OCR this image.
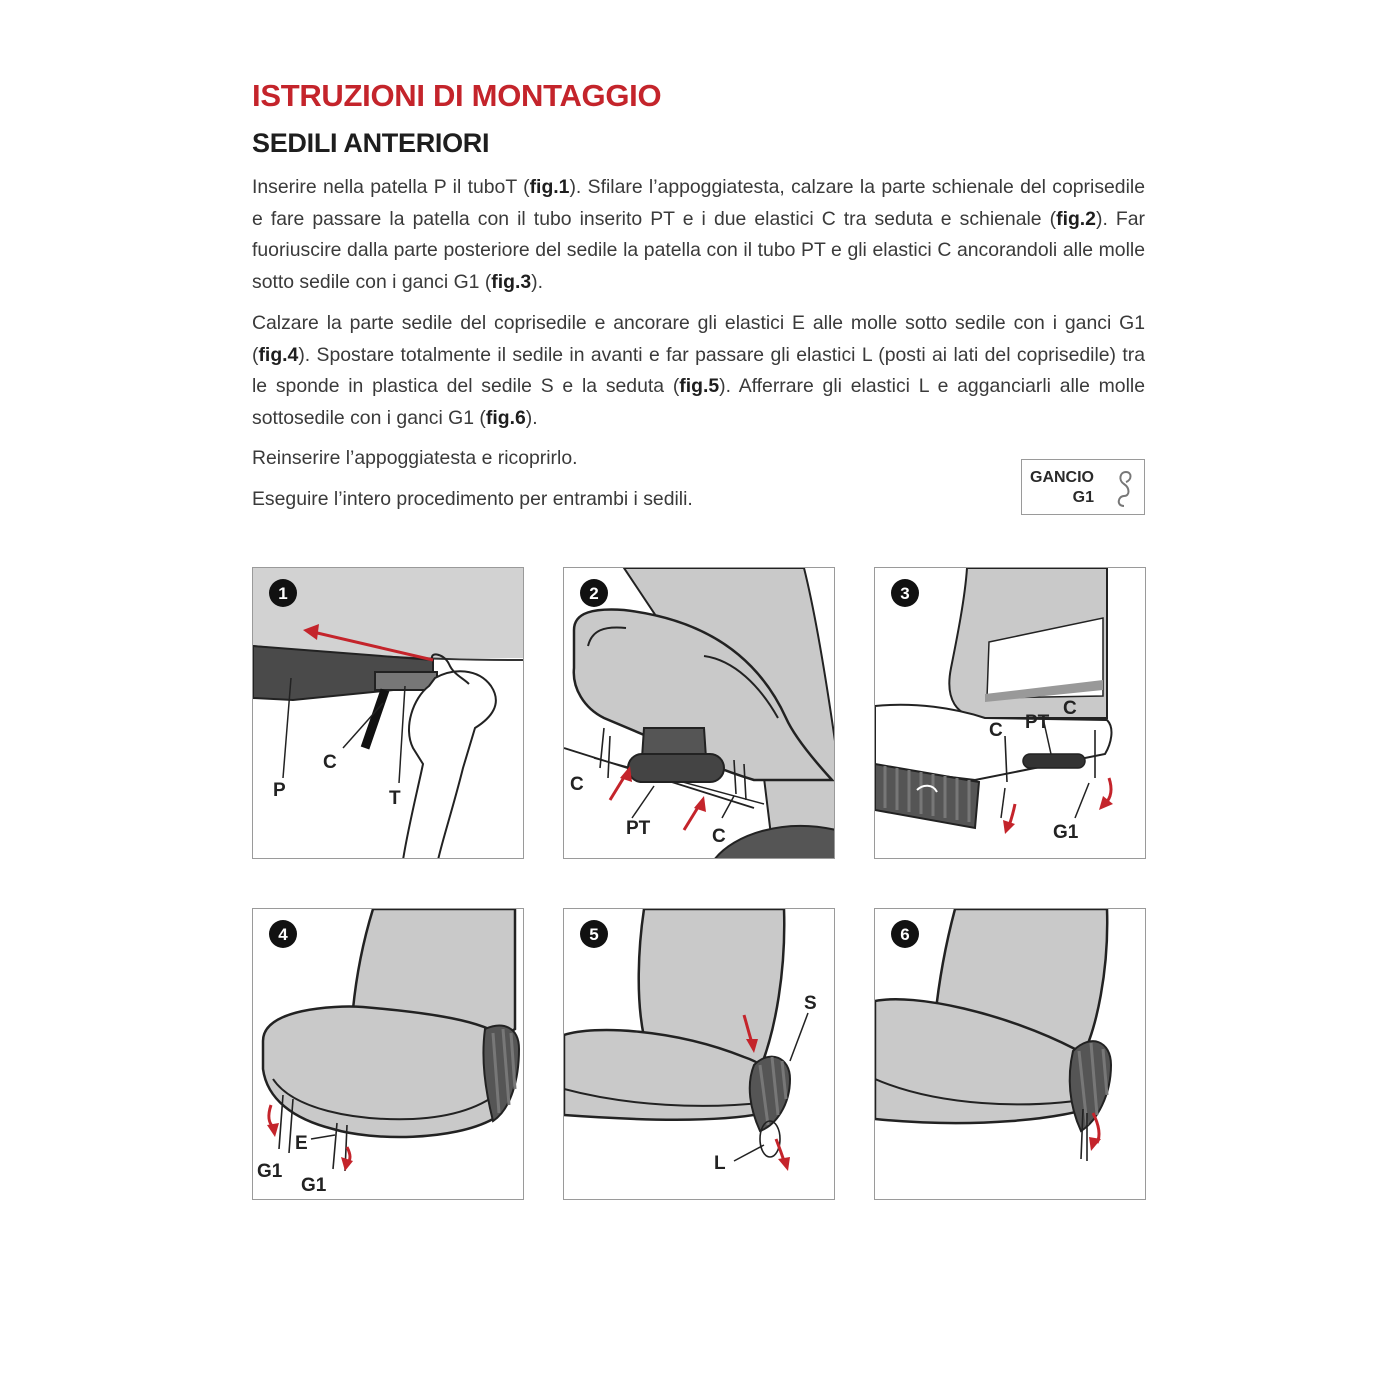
ISTRUZIONI DI MONTAGGIO
SEDILI ANTERIORI

Inserire nella patella P il tuboT (fig.1). Sfilare l’appoggiatesta, calzare la parte schienale del coprisedile e fare passare la patella con il tubo inserito PT e i due elastici C tra seduta e schienale (fig.2). Far fuoriuscire dalla parte posteriore del sedile la patella con il tubo PT e gli elastici C ancorandoli alle molle sotto sedile con i ganci G1 (fig.3).

Calzare la parte sedile del coprisedile e ancorare gli elastici E alle molle sotto sedile con i ganci G1 (fig.4). Spostare totalmente il sedile in avanti e far passare gli elastici L (posti ai lati del coprisedile) tra le sponde in plastica del sedile S e la seduta (fig.5). Afferrare gli elastici L e agganciarli alle molle sottosedile con i ganci G1 (fig.6).

Reinserire l’appoggiatesta e ricoprirlo.

Eseguire l’intero procedimento per entrambi i sedili.

GANCIO
G1
1
P
C
T
2
C
PT	C
3
C PT
C
G1
4
E
G1
G1
5
S
L
6
